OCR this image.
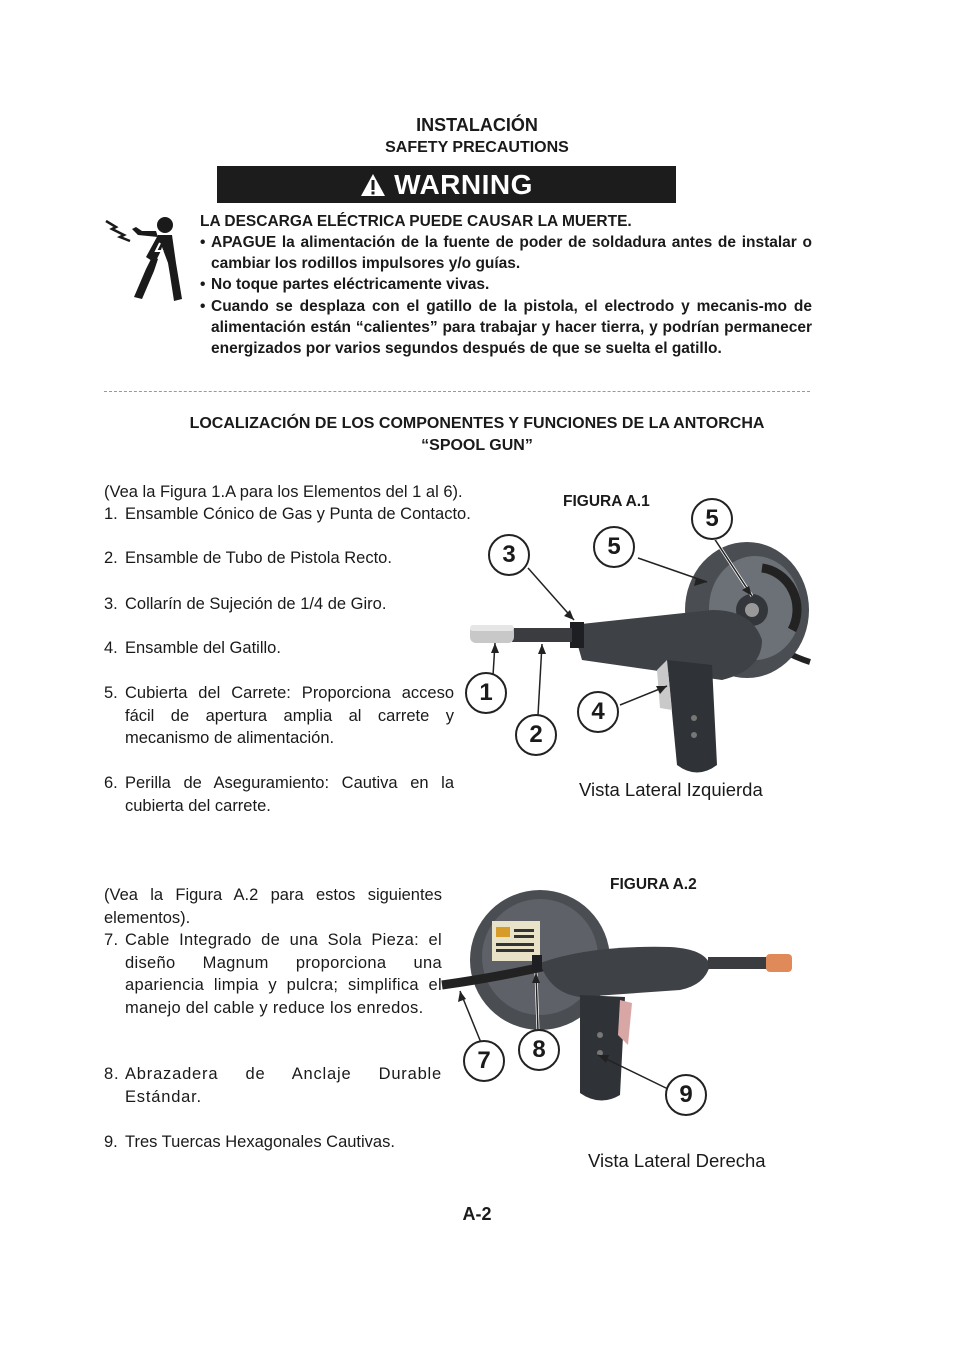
INSTALACIÓN
SAFETY PRECAUTIONS
WARNING
LA DESCARGA ELÉCTRICA PUEDE CAUSAR LA MUERTE.
• APAGUE la alimentación de la fuente de poder de soldadura antes de instalar o cambiar los rodillos impulsores y/o guías.
• No toque partes eléctricamente vivas.
• Cuando se desplaza con el gatillo de la pistola, el electrodo y mecanis-mo de alimentación están “calientes” para trabajar y hacer tierra, y podrían permanecer energizados por varios segundos después de que se suelta el gatillo.
LOCALIZACIÓN DE LOS COMPONENTES Y FUNCIONES DE LA ANTORCHA
“SPOOL GUN”
(Vea la Figura 1.A para los Elementos del 1 al 6).
1. Ensamble Cónico de Gas y Punta de Contacto.
2. Ensamble de Tubo de Pistola Recto.
3. Collarín de Sujeción de 1/4 de Giro.
4. Ensamble del Gatillo.
5. Cubierta del Carrete: Proporciona acceso fácil de apertura amplia al carrete y mecanismo de alimentación.
6. Perilla de Aseguramiento: Cautiva en la cubierta del carrete.
FIGURA A.1
1
2
3
4
5
5
Vista Lateral Izquierda
(Vea la Figura A.2 para estos siguientes elementos).
7. Cable Integrado de una Sola Pieza: el diseño Magnum proporciona una apariencia limpia y pulcra; simplifica el manejo del cable y reduce los enredos.
8. Abrazadera de Anclaje Durable Estándar.
9. Tres Tuercas Hexagonales Cautivas.
FIGURA A.2
7	8
9
Vista Lateral Derecha
A-2
